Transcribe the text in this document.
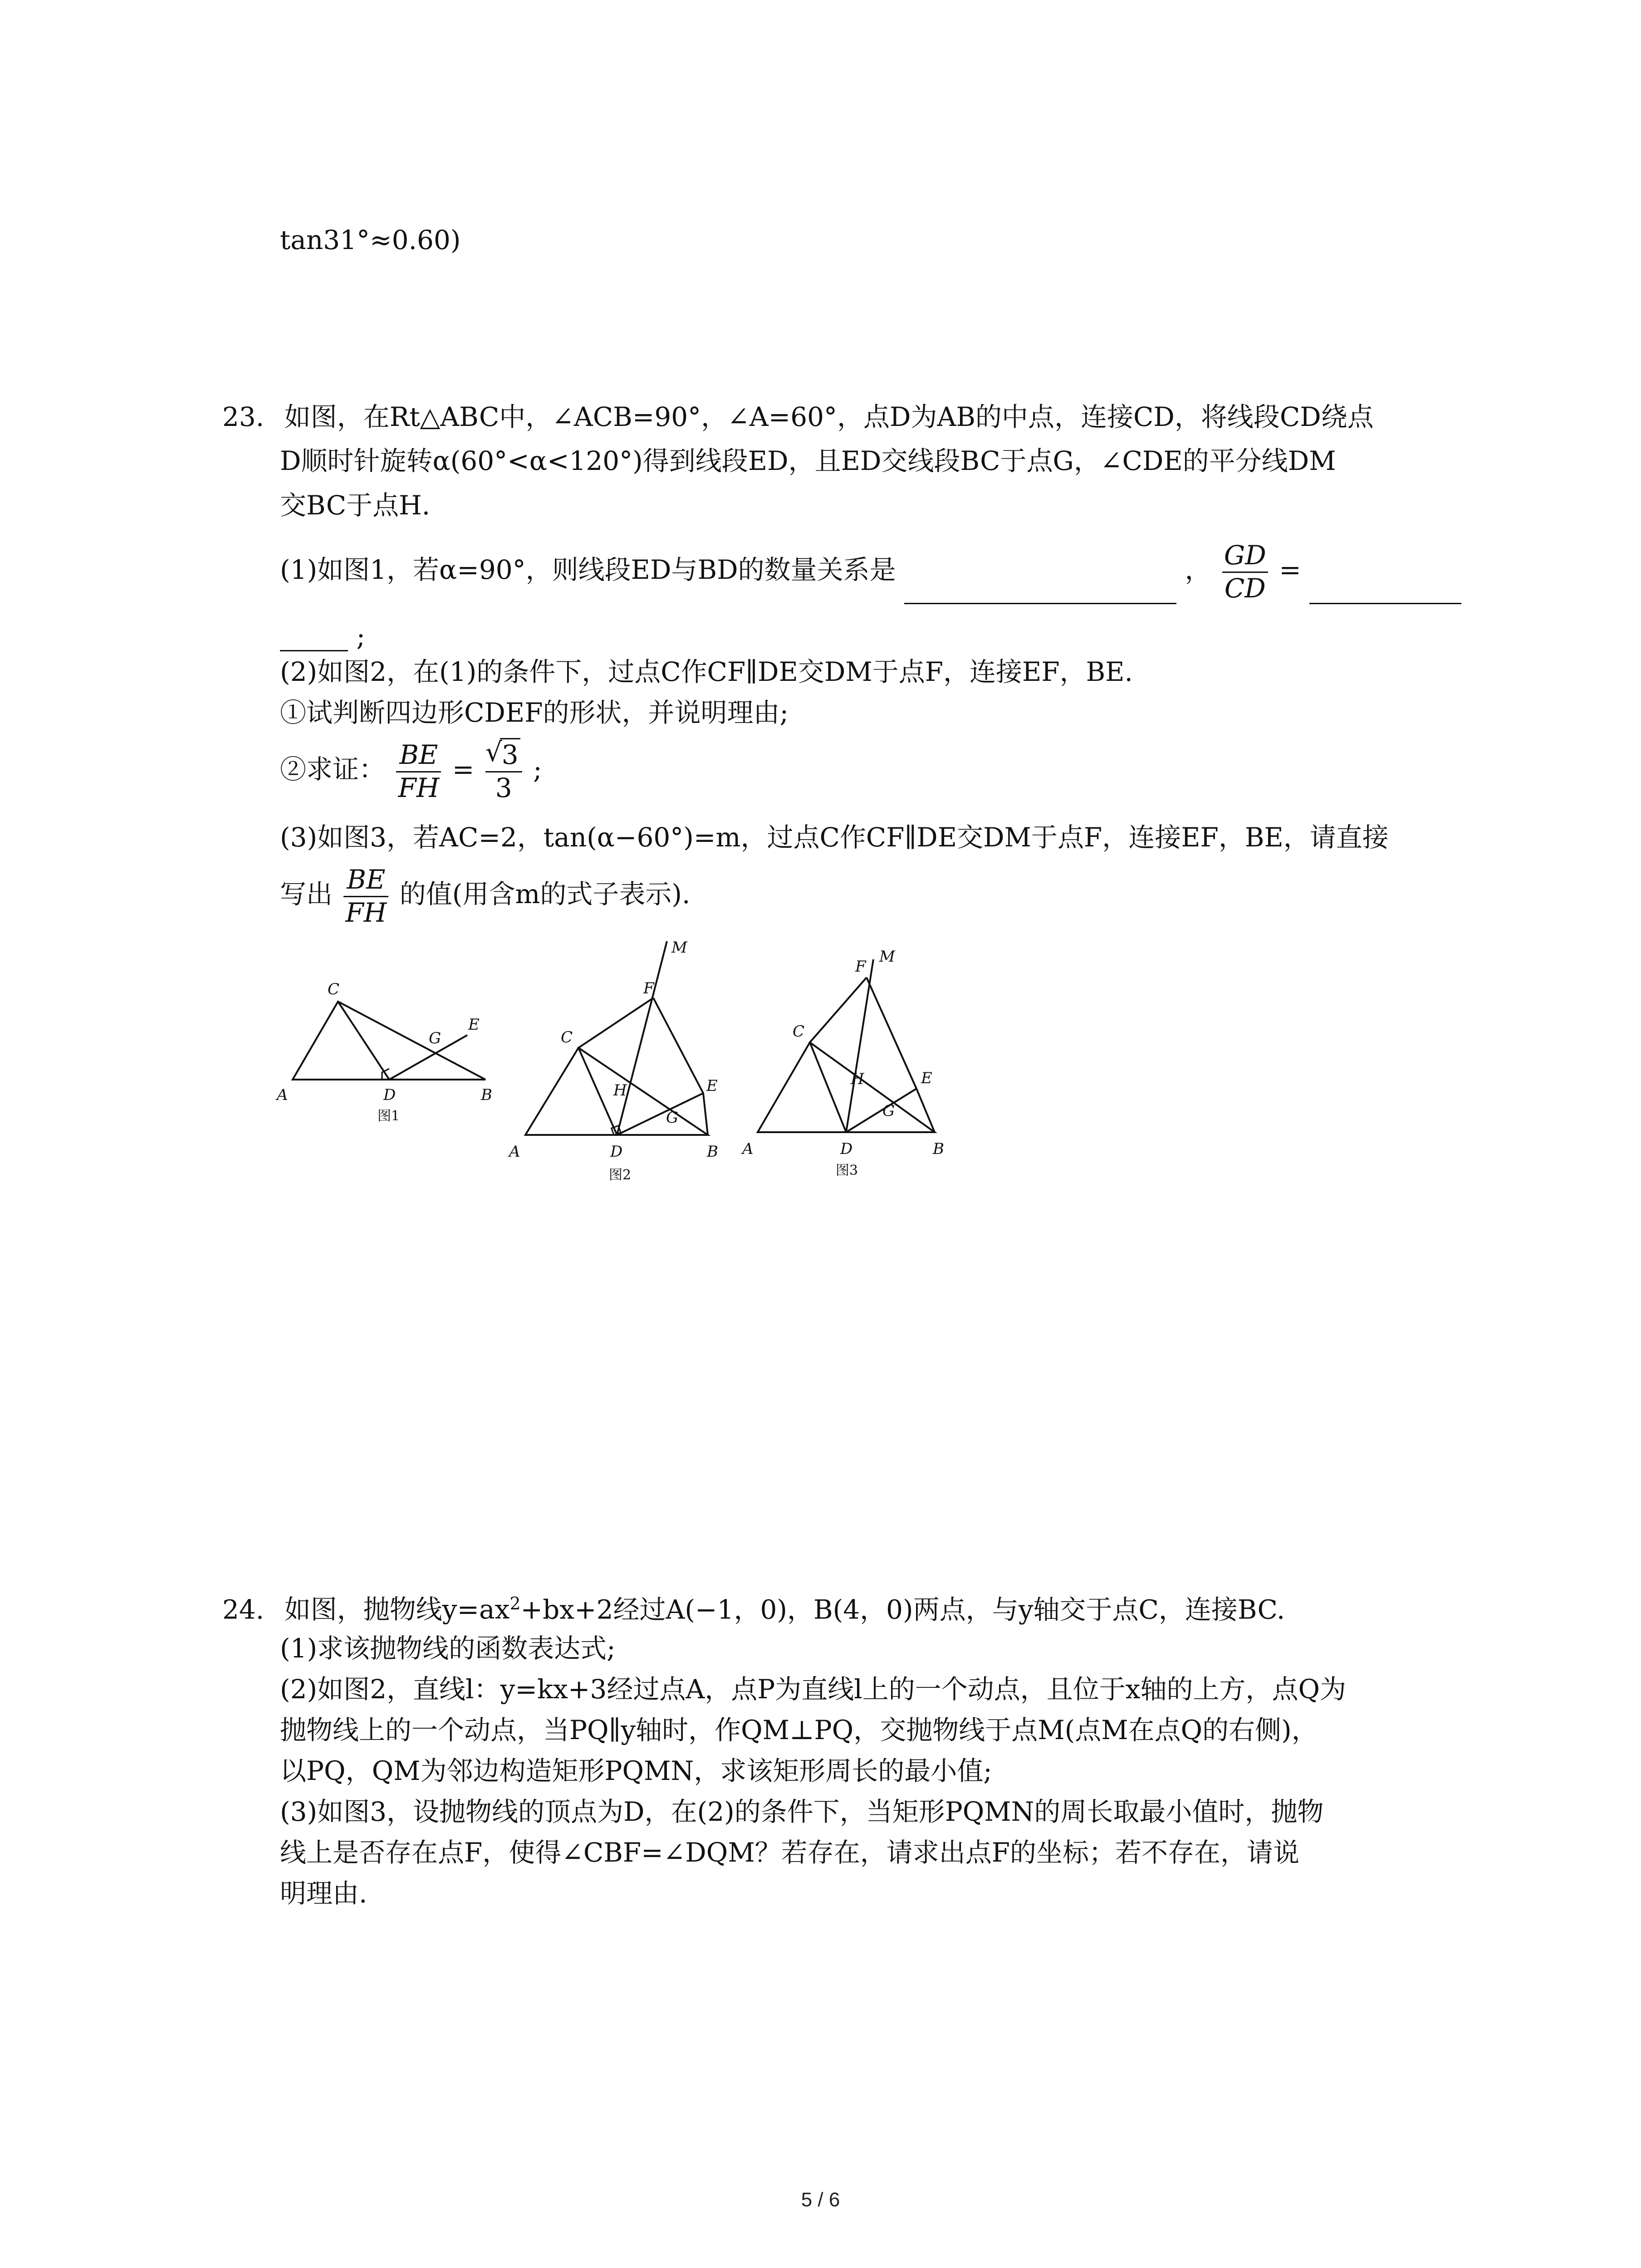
tan31°≈0.60)
23. 如图，在Rt△ABC中，∠ACB=90°，∠A=60°，点D为AB的中点，连接CD，将线段CD绕点
D顺时针旋转α(60°<α<120°)得到线段ED，且ED交线段BC于点G，∠CDE的平分线DM
交BC于点H.
(1)如图1，若α=90°，则线段ED与BD的数量关系是	， $\frac{GD}{CD}$ =
;
(2)如图2，在(1)的条件下，过点C作CF∥DE交DM于点F，连接EF，BE.
①试判断四边形CDEF的形状，并说明理由;
②求证： $\frac{BE}{FH}$ =
√ $\frac{3}{3}$ ;
(3)如图3，若AC=2，tan(α−60°)=m，过点C作CF∥DE交DM于点F，连接EF，BE，请直接
写出 $\frac{BE}{FH}$ 的值(用含m的式子表示).
A	B
C
D
E
G
图1
A	B
C
D
E
F
G
H
M
图2
A	B
C
D
E
F
G
H
M
图3
24. 如图，抛物线$y=ax^2+bx+2$经过A(−1，0)，B(4，0)两点，与y轴交于点C，连接BC.
(1)求该抛物线的函数表达式;
(2)如图2，直线l：y=kx+3经过点A，点P为直线l上的一个动点，且位于x轴的上方，点Q为
抛物线上的一个动点，当PQ∥y轴时，作QM⊥PQ，交抛物线于点M(点M在点Q的右侧)，
以PQ，QM为邻边构造矩形PQMN，求该矩形周长的最小值;
(3)如图3，设抛物线的顶点为D，在(2)的条件下，当矩形PQMN的周长取最小值时，抛物
线上是否存在点F，使得∠CBF=∠DQM？若存在，请求出点F的坐标；若不存在，请说
明理由.
5 / 6
